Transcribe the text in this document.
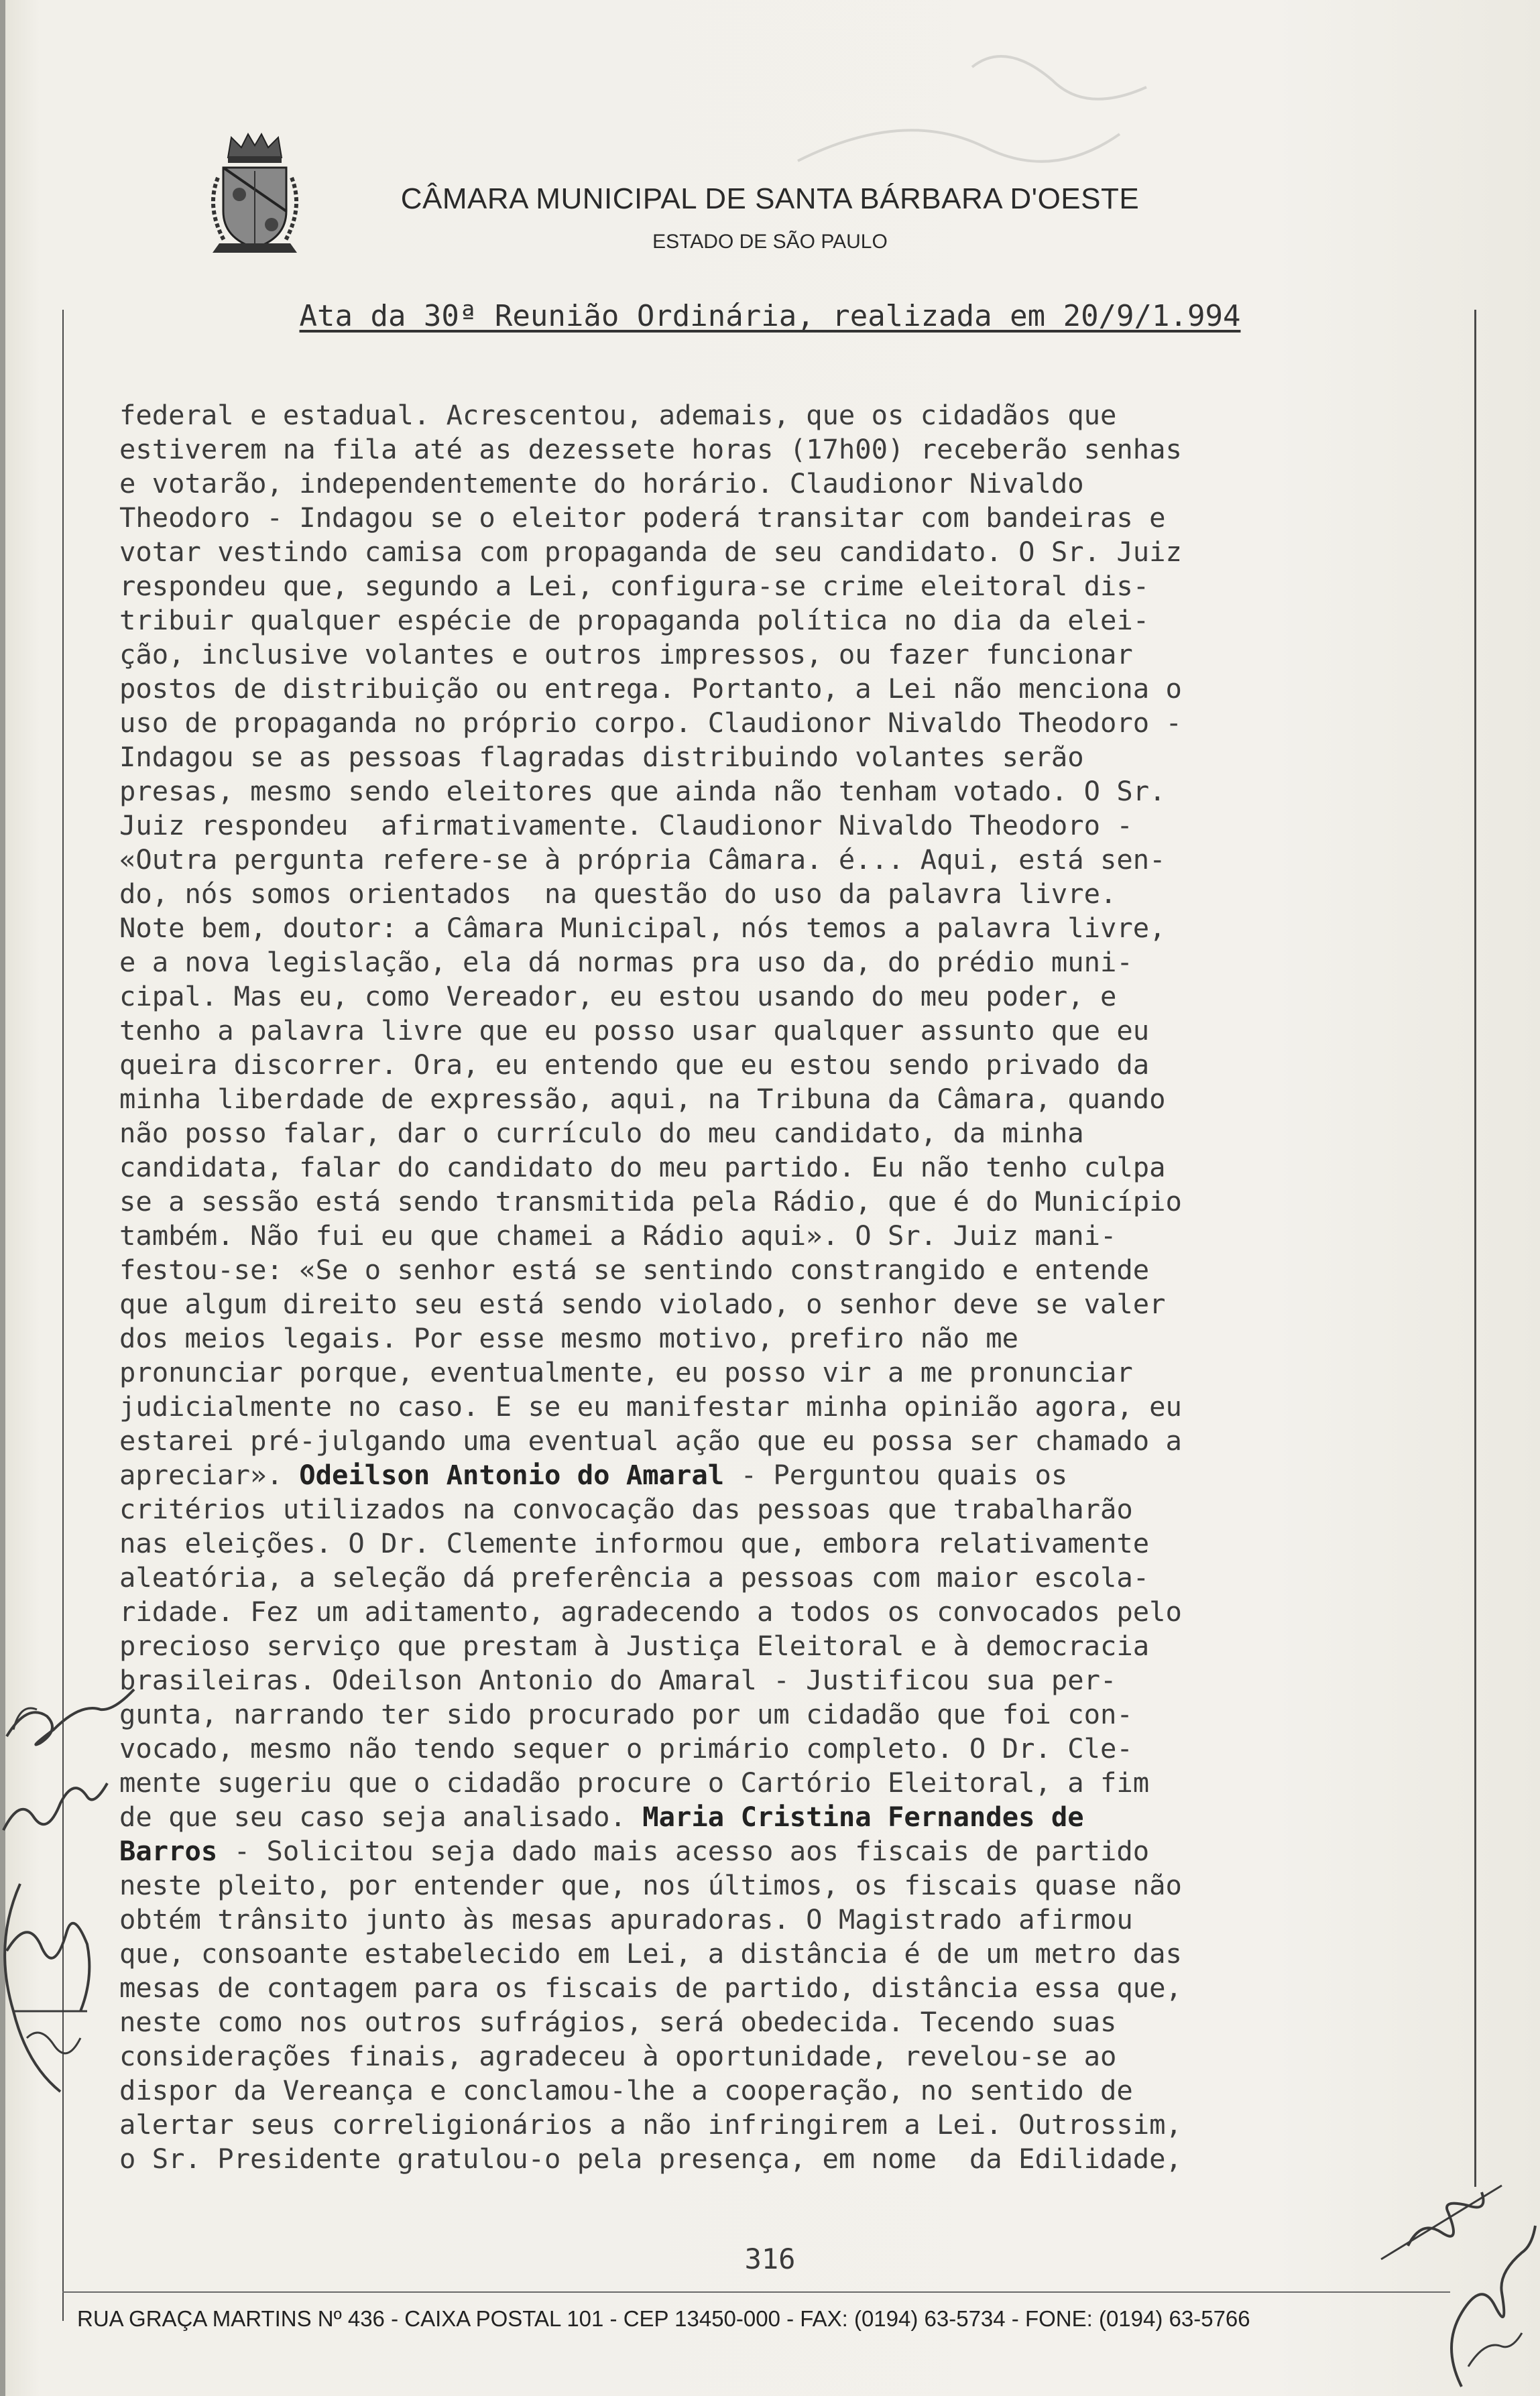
CÂMARA MUNICIPAL DE SANTA BÁRBARA D'OESTE
ESTADO DE SÃO PAULO
Ata da 30ª Reunião Ordinária, realizada em 20/9/1.994
federal e estadual. Acrescentou, ademais, que os cidadãos que
estiverem na fila até as dezessete horas (17h00) receberão senhas
e votarão, independentemente do horário. Claudionor Nivaldo
Theodoro - Indagou se o eleitor poderá transitar com bandeiras e
votar vestindo camisa com propaganda de seu candidato. O Sr. Juiz
respondeu que, segundo a Lei, configura-se crime eleitoral dis-
tribuir qualquer espécie de propaganda política no dia da elei-
ção, inclusive volantes e outros impressos, ou fazer funcionar
postos de distribuição ou entrega. Portanto, a Lei não menciona o
uso de propaganda no próprio corpo. Claudionor Nivaldo Theodoro -
Indagou se as pessoas flagradas distribuindo volantes serão
presas, mesmo sendo eleitores que ainda não tenham votado. O Sr.
Juiz respondeu  afirmativamente. Claudionor Nivaldo Theodoro -
«Outra pergunta refere-se à própria Câmara. é... Aqui, está sen-
do, nós somos orientados  na questão do uso da palavra livre.
Note bem, doutor: a Câmara Municipal, nós temos a palavra livre,
e a nova legislação, ela dá normas pra uso da, do prédio muni-
cipal. Mas eu, como Vereador, eu estou usando do meu poder, e
tenho a palavra livre que eu posso usar qualquer assunto que eu
queira discorrer. Ora, eu entendo que eu estou sendo privado da
minha liberdade de expressão, aqui, na Tribuna da Câmara, quando
não posso falar, dar o currículo do meu candidato, da minha
candidata, falar do candidato do meu partido. Eu não tenho culpa
se a sessão está sendo transmitida pela Rádio, que é do Município
também. Não fui eu que chamei a Rádio aqui». O Sr. Juiz mani-
festou-se: «Se o senhor está se sentindo constrangido e entende
que algum direito seu está sendo violado, o senhor deve se valer
dos meios legais. Por esse mesmo motivo, prefiro não me
pronunciar porque, eventualmente, eu posso vir a me pronunciar
judicialmente no caso. E se eu manifestar minha opinião agora, eu
estarei pré-julgando uma eventual ação que eu possa ser chamado a
apreciar». Odeilson Antonio do Amaral - Perguntou quais os
critérios utilizados na convocação das pessoas que trabalharão
nas eleições. O Dr. Clemente informou que, embora relativamente
aleatória, a seleção dá preferência a pessoas com maior escola-
ridade. Fez um aditamento, agradecendo a todos os convocados pelo
precioso serviço que prestam à Justiça Eleitoral e à democracia
brasileiras. Odeilson Antonio do Amaral - Justificou sua per-
gunta, narrando ter sido procurado por um cidadão que foi con-
vocado, mesmo não tendo sequer o primário completo. O Dr. Cle-
mente sugeriu que o cidadão procure o Cartório Eleitoral, a fim
de que seu caso seja analisado. Maria Cristina Fernandes de
Barros - Solicitou seja dado mais acesso aos fiscais de partido
neste pleito, por entender que, nos últimos, os fiscais quase não
obtém trânsito junto às mesas apuradoras. O Magistrado afirmou
que, consoante estabelecido em Lei, a distância é de um metro das
mesas de contagem para os fiscais de partido, distância essa que,
neste como nos outros sufrágios, será obedecida. Tecendo suas
considerações finais, agradeceu à oportunidade, revelou-se ao
dispor da Vereança e conclamou-lhe a cooperação, no sentido de
alertar seus correligionários a não infringirem a Lei. Outrossim,
o Sr. Presidente gratulou-o pela presença, em nome  da Edilidade,
316
RUA GRAÇA MARTINS Nº 436 - CAIXA POSTAL 101 - CEP 13450-000 - FAX: (0194) 63-5734 - FONE: (0194) 63-5766
